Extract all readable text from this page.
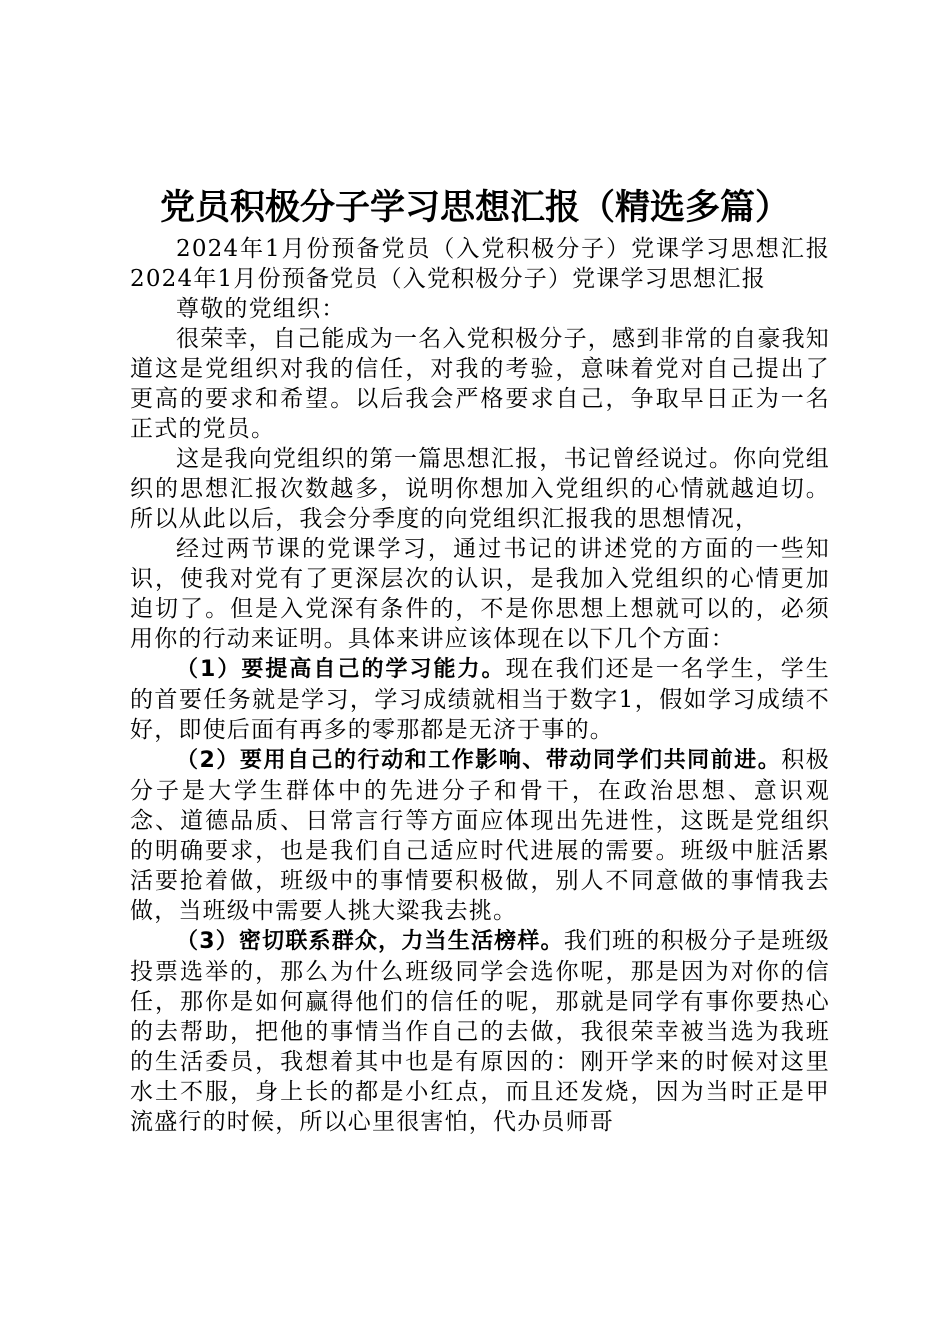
党员积极分子学习思想汇报（精选多篇）

2024年1月份预备党员（入党积极分子）党课学习思想汇报2024年1月份预备党员（入党积极分子）党课学习思想汇报

尊敬的党组织：

很荣幸，自己能成为一名入党积极分子，感到非常的自豪我知道这是党组织对我的信任，对我的考验，意味着党对自己提出了更高的要求和希望。以后我会严格要求自己，争取早日正为一名正式的党员。

这是我向党组织的第一篇思想汇报，书记曾经说过。你向党组织的思想汇报次数越多，说明你想加入党组织的心情就越迫切。所以从此以后，我会分季度的向党组织汇报我的思想情况，

经过两节课的党课学习，通过书记的讲述党的方面的一些知识，使我对党有了更深层次的认识，是我加入党组织的心情更加迫切了。但是入党深有条件的，不是你思想上想就可以的，必须用你的行动来证明。具体来讲应该体现在以下几个方面：

（1）要提高自己的学习能力。现在我们还是一名学生，学生的首要任务就是学习，学习成绩就相当于数字1，假如学习成绩不好，即使后面有再多的零那都是无济于事的。

（2）要用自己的行动和工作影响、带动同学们共同前进。积极分子是大学生群体中的先进分子和骨干，在政治思想、意识观念、道德品质、日常言行等方面应体现出先进性，这既是党组织的明确要求，也是我们自己适应时代进展的需要。班级中脏活累活要抢着做，班级中的事情要积极做，别人不同意做的事情我去做，当班级中需要人挑大粱我去挑。

（3）密切联系群众，力当生活榜样。我们班的积极分子是班级投票选举的，那么为什么班级同学会选你呢，那是因为对你的信任，那你是如何赢得他们的信任的呢，那就是同学有事你要热心的去帮助，把他的事情当作自己的去做，我很荣幸被当选为我班的生活委员，我想着其中也是有原因的：刚开学来的时候对这里水土不服，身上长的都是小红点，而且还发烧，因为当时正是甲流盛行的时候，所以心里很害怕，代办员师哥
